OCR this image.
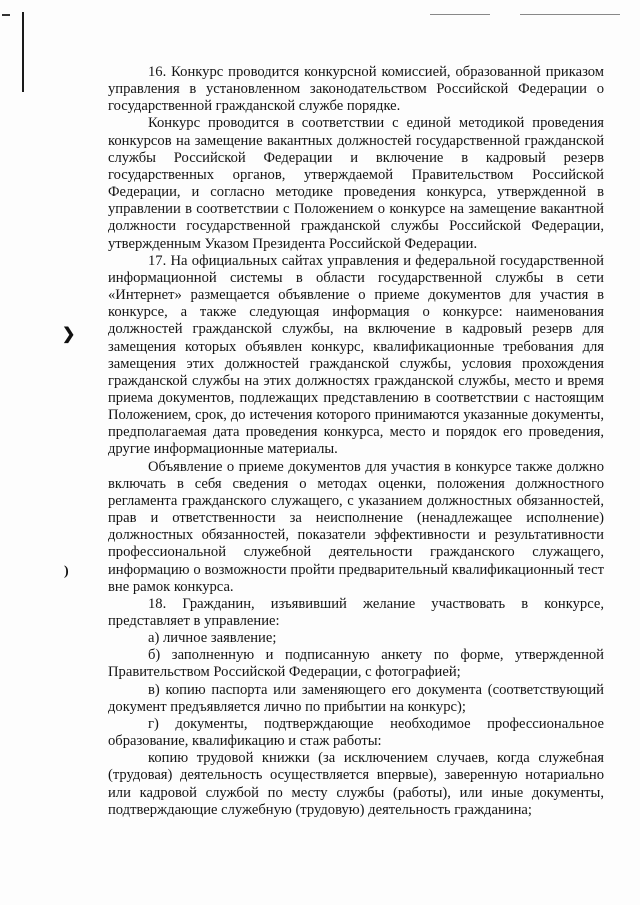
❯
)

16. Конкурс проводится конкурсной комиссией, образованной приказом управления в установленном законодательством Российской Федерации о государственной гражданской службе порядке.

Конкурс проводится в соответствии с единой методикой проведения конкурсов на замещение вакантных должностей государственной гражданской службы Российской Федерации и включение в кадровый резерв государственных органов, утверждаемой Правительством Российской Федерации, и согласно методике проведения конкурса, утвержденной в управлении в соответствии с Положением о конкурсе на замещение вакантной должности государственной гражданской службы Российской Федерации, утвержденным Указом Президента Российской Федерации.

17. На официальных сайтах управления и федеральной государственной информационной системы в области государственной службы в сети «Интернет» размещается объявление о приеме документов для участия в конкурсе, а также следующая информация о конкурсе: наименования должностей гражданской службы, на включение в кадровый резерв для замещения которых объявлен конкурс, квалификационные требования для замещения этих должностей гражданской службы, условия прохождения гражданской службы на этих должностях гражданской службы, место и время приема документов, подлежащих представлению в соответствии с настоящим Положением, срок, до истечения которого принимаются указанные документы, предполагаемая дата проведения конкурса, место и порядок его проведения, другие информационные материалы.

Объявление о приеме документов для участия в конкурсе также должно включать в себя сведения о методах оценки, положения должностного регламента гражданского служащего, с указанием должностных обязанностей, прав и ответственности за неисполнение (ненадлежащее исполнение) должностных обязанностей, показатели эффективности и результативности профессиональной служебной деятельности гражданского служащего, информацию о возможности пройти предварительный квалификационный тест вне рамок конкурса.

18. Гражданин, изъявивший желание участвовать в конкурсе, представляет в управление:

а) личное заявление;

б) заполненную и подписанную анкету по форме, утвержденной Правительством Российской Федерации, с фотографией;

в) копию паспорта или заменяющего его документа (соответствующий документ предъявляется лично по прибытии на конкурс);

г) документы, подтверждающие необходимое профессиональное образование, квалификацию и стаж работы:

копию трудовой книжки (за исключением случаев, когда служебная (трудовая) деятельность осуществляется впервые), заверенную нотариально или кадровой службой по месту службы (работы), или иные документы, подтверждающие служебную (трудовую) деятельность гражданина;
